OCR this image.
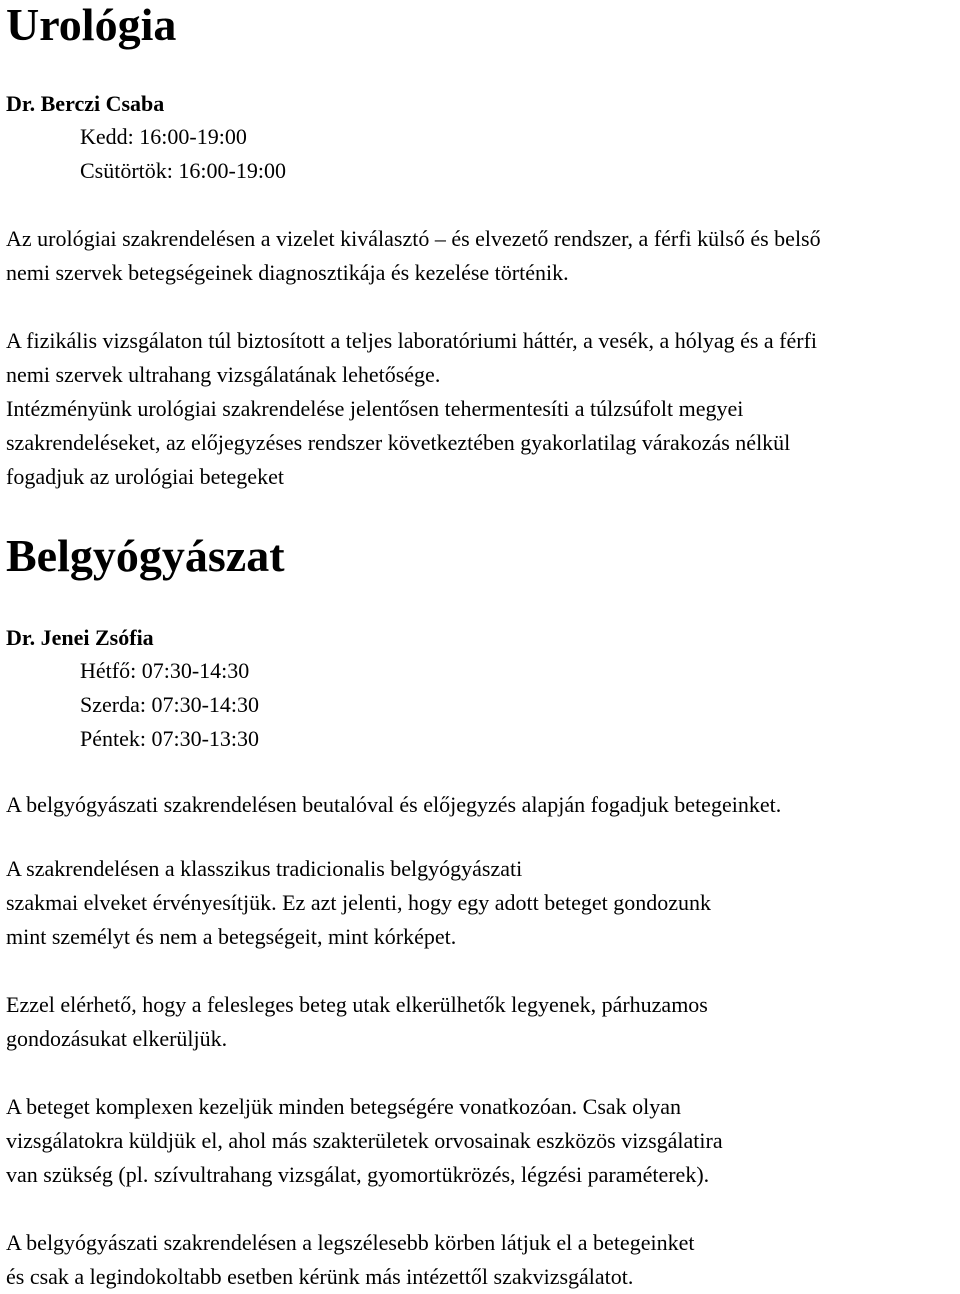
Urológia
Dr. Berczi Csaba
Kedd: 16:00-19:00
Csütörtök: 16:00-19:00
Az urológiai szakrendelésen a vizelet kiválasztó – és elvezető rendszer, a férfi külső és belső
nemi szervek betegségeinek diagnosztikája és kezelése történik.
A fizikális vizsgálaton túl biztosított a teljes laboratóriumi háttér, a vesék, a hólyag és a férfi
nemi szervek ultrahang vizsgálatának lehetősége.
Intézményünk urológiai szakrendelése jelentősen tehermentesíti a túlzsúfolt megyei
szakrendeléseket, az előjegyzéses rendszer következtében gyakorlatilag várakozás nélkül
fogadjuk az urológiai betegeket
Belgyógyászat
Dr. Jenei Zsófia
Hétfő: 07:30-14:30
Szerda: 07:30-14:30
Péntek: 07:30-13:30
A belgyógyászati szakrendelésen beutalóval és előjegyzés alapján fogadjuk betegeinket.
A szakrendelésen a klasszikus tradicionalis belgyógyászati
szakmai elveket érvényesítjük. Ez azt jelenti, hogy egy adott beteget gondozunk
mint személyt és nem a betegségeit, mint kórképet.
Ezzel elérhető, hogy a felesleges beteg utak elkerülhetők legyenek, párhuzamos
gondozásukat elkerüljük.
A beteget komplexen kezeljük minden betegségére vonatkozóan. Csak olyan
vizsgálatokra küldjük el, ahol más szakterületek orvosainak eszközös vizsgálatira
van szükség (pl. szívultrahang vizsgálat, gyomortükrözés, légzési paraméterek).
A belgyógyászati szakrendelésen a legszélesebb körben látjuk el a betegeinket
és csak a legindokoltabb esetben kérünk más intézettől szakvizsgálatot.
